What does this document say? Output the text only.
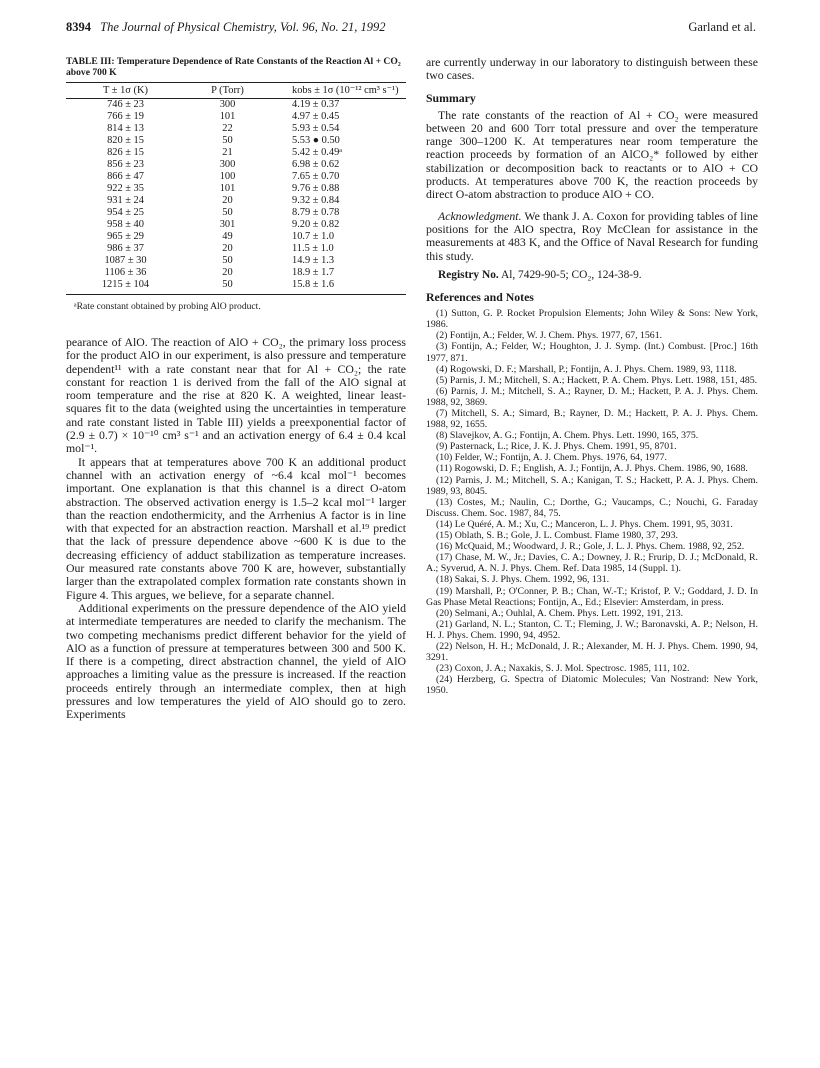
8394 The Journal of Physical Chemistry, Vol. 96, No. 21, 1992	Garland et al.
TABLE III: Temperature Dependence of Rate Constants of the Reaction Al + CO₂ above 700 K
T ± 1σ (K)	P (Torr)	kobs ± 1σ (10⁻¹² cm³ s⁻¹)
746 ± 23	300	4.19 ± 0.37
766 ± 19	101	4.97 ± 0.45
814 ± 13	22	5.93 ± 0.54
820 ± 15	50	5.53 ● 0.50
826 ± 15	21	5.42 ± 0.49ᵃ
856 ± 23	300	6.98 ± 0.62
866 ± 47	100	7.65 ± 0.70
922 ± 35	101	9.76 ± 0.88
931 ± 24	20	9.32 ± 0.84
954 ± 25	50	8.79 ± 0.78
958 ± 40	301	9.20 ± 0.82
965 ± 29	49	10.7 ± 1.0
986 ± 37	20	11.5 ± 1.0
1087 ± 30	50	14.9 ± 1.3
1106 ± 36	20	18.9 ± 1.7
1215 ± 104	50	15.8 ± 1.6
ᵃRate constant obtained by probing AlO product.

pearance of AlO. The reaction of AlO + CO₂, the primary loss process for the product AlO in our experiment, is also pressure and temperature dependent¹¹ with a rate constant near that for Al + CO₂; the rate constant for reaction 1 is derived from the fall of the AlO signal at room temperature and the rise at 820 K. A weighted, linear least-squares fit to the data (weighted using the uncertainties in temperature and rate constant listed in Table III) yields a preexponential factor of (2.9 ± 0.7) × 10⁻¹⁰ cm³ s⁻¹ and an activation energy of 6.4 ± 0.4 kcal mol⁻¹.

It appears that at temperatures above 700 K an additional product channel with an activation energy of ~6.4 kcal mol⁻¹ becomes important. One explanation is that this channel is a direct O-atom abstraction. The observed activation energy is 1.5–2 kcal mol⁻¹ larger than the reaction endothermicity, and the Arrhenius A factor is in line with that expected for an abstraction reaction. Marshall et al.¹⁹ predict that the lack of pressure dependence above ~600 K is due to the decreasing efficiency of adduct stabilization as temperature increases. Our measured rate constants above 700 K are, however, substantially larger than the extrapolated complex formation rate constants shown in Figure 4. This argues, we believe, for a separate channel.

Additional experiments on the pressure dependence of the AlO yield at intermediate temperatures are needed to clarify the mechanism. The two competing mechanisms predict different behavior for the yield of AlO as a function of pressure at temperatures between 300 and 500 K. If there is a competing, direct abstraction channel, the yield of AlO approaches a limiting value as the pressure is increased. If the reaction proceeds entirely through an intermediate complex, then at high pressures and low temperatures the yield of AlO should go to zero. Experiments

are currently underway in our laboratory to distinguish between these two cases.

Summary

The rate constants of the reaction of Al + CO₂ were measured between 20 and 600 Torr total pressure and over the temperature range 300–1200 K. At temperatures near room temperature the reaction proceeds by formation of an AlCO₂* followed by either stabilization or decomposition back to reactants or to AlO + CO products. At temperatures above 700 K, the reaction proceeds by direct O-atom abstraction to produce AlO + CO.

Acknowledgment. We thank J. A. Coxon for providing tables of line positions for the AlO spectra, Roy McClean for assistance in the measurements at 483 K, and the Office of Naval Research for funding this study.

Registry No. Al, 7429-90-5; CO₂, 124-38-9.

References and Notes

(1) Sutton, G. P. Rocket Propulsion Elements; John Wiley & Sons: New York, 1986.

(2) Fontijn, A.; Felder, W. J. Chem. Phys. 1977, 67, 1561.

(3) Fontijn, A.; Felder, W.; Houghton, J. J. Symp. (Int.) Combust. [Proc.] 16th 1977, 871.

(4) Rogowski, D. F.; Marshall, P.; Fontijn, A. J. Phys. Chem. 1989, 93, 1118.

(5) Parnis, J. M.; Mitchell, S. A.; Hackett, P. A. Chem. Phys. Lett. 1988, 151, 485.

(6) Parnis, J. M.; Mitchell, S. A.; Rayner, D. M.; Hackett, P. A. J. Phys. Chem. 1988, 92, 3869.

(7) Mitchell, S. A.; Simard, B.; Rayner, D. M.; Hackett, P. A. J. Phys. Chem. 1988, 92, 1655.

(8) Slavejkov, A. G.; Fontijn, A. Chem. Phys. Lett. 1990, 165, 375.

(9) Pasternack, L.; Rice, J. K. J. Phys. Chem. 1991, 95, 8701.

(10) Felder, W.; Fontijn, A. J. Chem. Phys. 1976, 64, 1977.

(11) Rogowski, D. F.; English, A. J.; Fontijn, A. J. Phys. Chem. 1986, 90, 1688.

(12) Parnis, J. M.; Mitchell, S. A.; Kanigan, T. S.; Hackett, P. A. J. Phys. Chem. 1989, 93, 8045.

(13) Costes, M.; Naulin, C.; Dorthe, G.; Vaucamps, C.; Nouchi, G. Faraday Discuss. Chem. Soc. 1987, 84, 75.

(14) Le Quéré, A. M.; Xu, C.; Manceron, L. J. Phys. Chem. 1991, 95, 3031.

(15) Oblath, S. B.; Gole, J. L. Combust. Flame 1980, 37, 293.

(16) McQuaid, M.; Woodward, J. R.; Gole, J. L. J. Phys. Chem. 1988, 92, 252.

(17) Chase, M. W., Jr.; Davies, C. A.; Downey, J. R.; Frurip, D. J.; McDonald, R. A.; Syverud, A. N. J. Phys. Chem. Ref. Data 1985, 14 (Suppl. 1).

(18) Sakai, S. J. Phys. Chem. 1992, 96, 131.

(19) Marshall, P.; O'Conner, P. B.; Chan, W.-T.; Kristof, P. V.; Goddard, J. D. In Gas Phase Metal Reactions; Fontijn, A., Ed.; Elsevier: Amsterdam, in press.

(20) Selmani, A.; Ouhlal, A. Chem. Phys. Lett. 1992, 191, 213.

(21) Garland, N. L.; Stanton, C. T.; Fleming, J. W.; Baronavski, A. P.; Nelson, H. H. J. Phys. Chem. 1990, 94, 4952.

(22) Nelson, H. H.; McDonald, J. R.; Alexander, M. H. J. Phys. Chem. 1990, 94, 3291.

(23) Coxon, J. A.; Naxakis, S. J. Mol. Spectrosc. 1985, 111, 102.

(24) Herzberg, G. Spectra of Diatomic Molecules; Van Nostrand: New York, 1950.
